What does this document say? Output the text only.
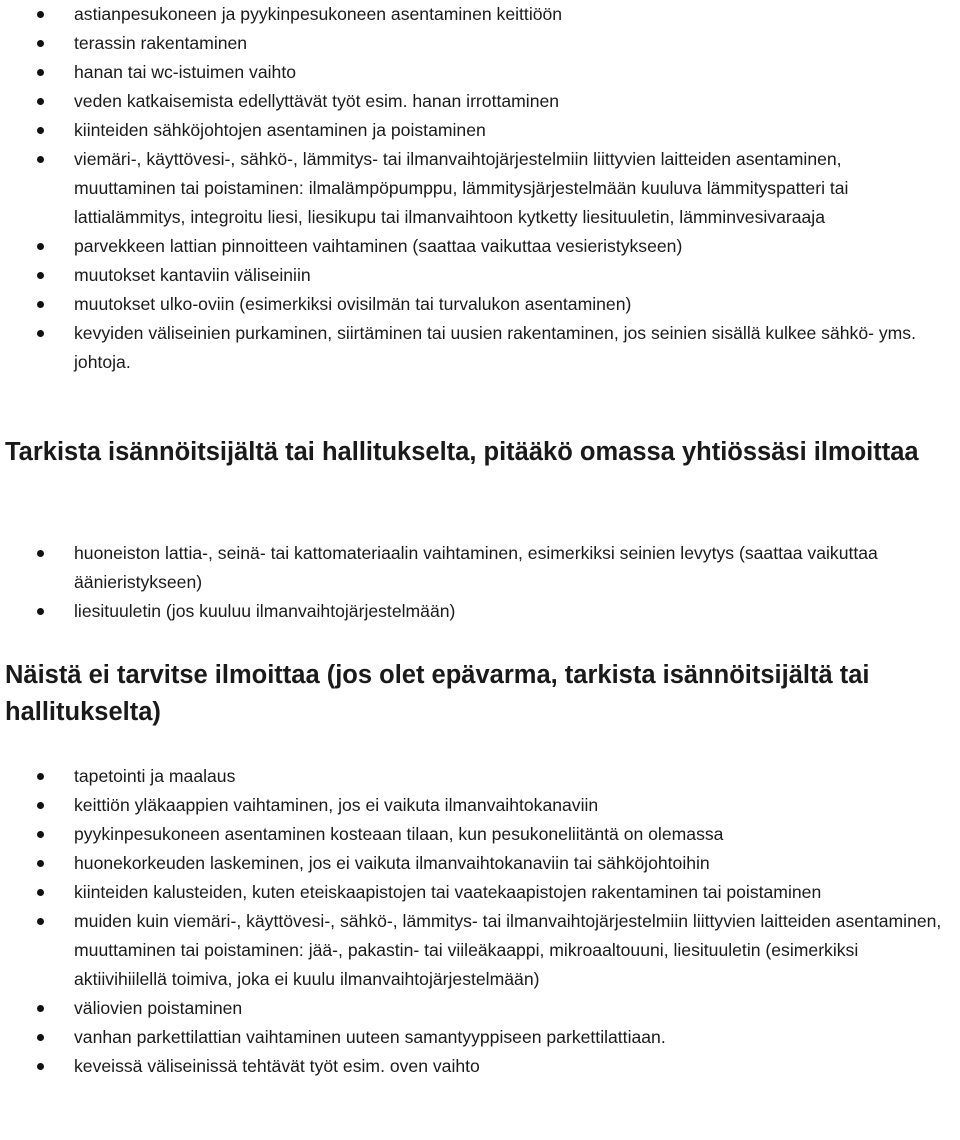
astianpesukoneen ja pyykinpesukoneen asentaminen keittiöön
terassin rakentaminen
hanan tai wc-istuimen vaihto
veden katkaisemista edellyttävät työt esim. hanan irrottaminen
kiinteiden sähköjohtojen asentaminen ja poistaminen
viemäri-, käyttövesi-, sähkö-, lämmitys- tai ilmanvaihtojärjestelmiin liittyvien laitteiden asentaminen, muuttaminen tai poistaminen: ilmalämpöpumppu, lämmitysjärjestelmään kuuluva lämmityspatteri tai lattialämmitys, integroitu liesi, liesikupu tai ilmanvaihtoon kytketty liesituuletin, lämminvesivaraaja
parvekkeen lattian pinnoitteen vaihtaminen (saattaa vaikuttaa vesieristykseen)
muutokset kantaviin väliseiniin
muutokset ulko-oviin (esimerkiksi ovisilmän tai turvalukon asentaminen)
kevyiden väliseinien purkaminen, siirtäminen tai uusien rakentaminen, jos seinien sisällä kulkee sähkö- yms. johtoja.
Tarkista isännöitsijältä tai hallitukselta, pitääkö omassa yhtiössäsi ilmoittaa
huoneiston lattia-, seinä- tai kattomateriaalin vaihtaminen, esimerkiksi seinien levytys (saattaa vaikuttaa äänieristykseen)
liesituuletin (jos kuuluu ilmanvaihtojärjestelmään)
Näistä ei tarvitse ilmoittaa (jos olet epävarma, tarkista isännöitsijältä tai hallitukselta)
tapetointi ja maalaus
keittiön yläkaappien vaihtaminen, jos ei vaikuta ilmanvaihtokanaviin
pyykinpesukoneen asentaminen kosteaan tilaan, kun pesukoneliitäntä on olemassa
huonekorkeuden laskeminen, jos ei vaikuta ilmanvaihtokanaviin tai sähköjohtoihin
kiinteiden kalusteiden, kuten eteiskaapistojen tai vaatekaapistojen rakentaminen tai poistaminen
muiden kuin viemäri-, käyttövesi-, sähkö-, lämmitys- tai ilmanvaihtojärjestelmiin liittyvien laitteiden asentaminen, muuttaminen tai poistaminen: jää-, pakastin- tai viileäkaappi, mikroaaltouuni, liesituuletin (esimerkiksi aktiivihiilellä toimiva, joka ei kuulu ilmanvaihtojärjestelmään)
väliovien poistaminen
vanhan parkettilattian vaihtaminen uuteen samantyyppiseen parkettilattiaan.
keveissä väliseinissä tehtävät työt esim. oven vaihto
